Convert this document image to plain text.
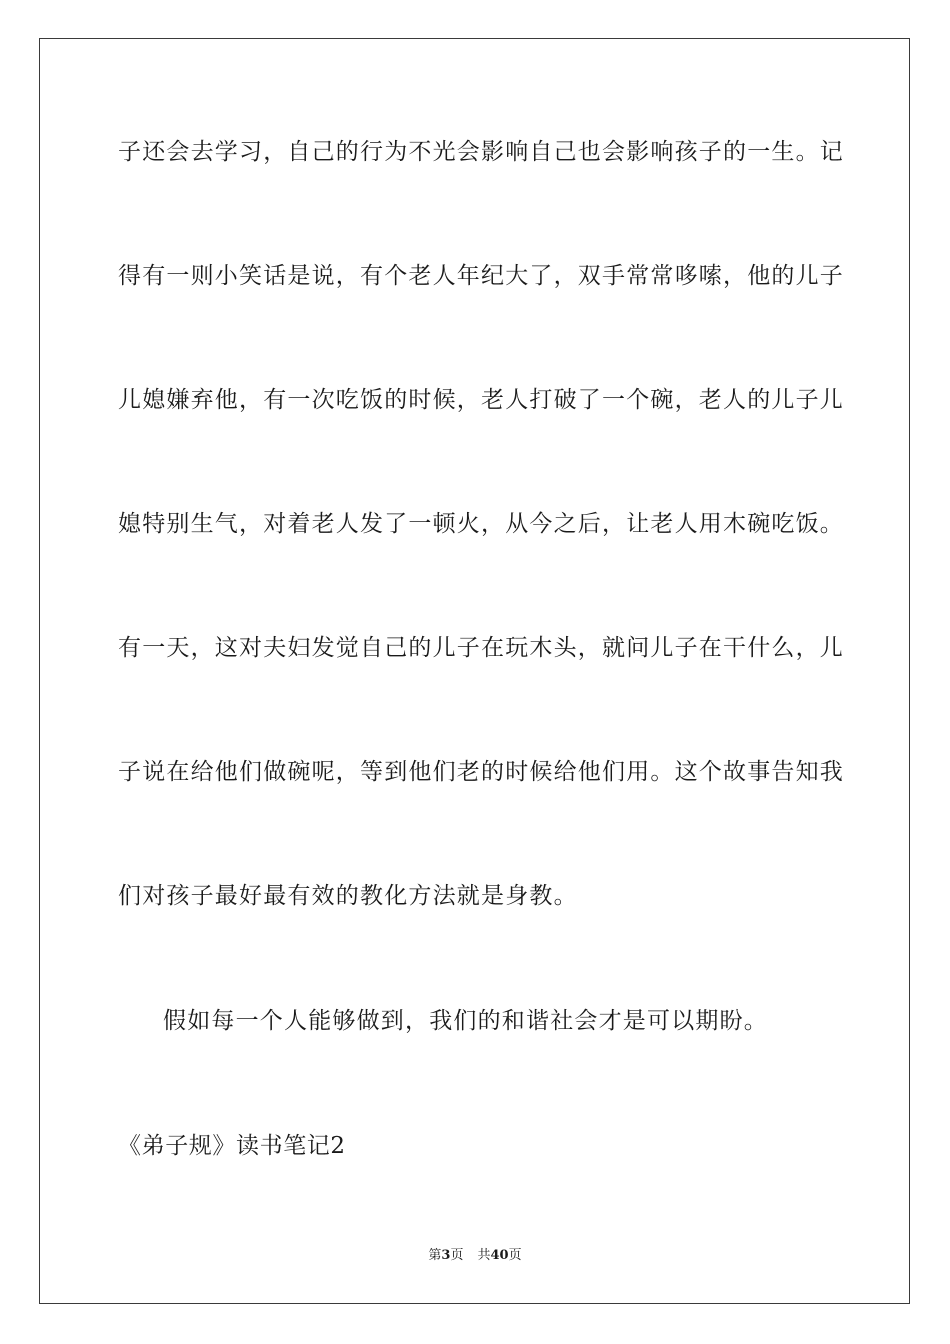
子还会去学习，自己的行为不光会影响自己也会影响孩子的一生。记
得有一则小笑话是说，有个老人年纪大了，双手常常哆嗦，他的儿子
儿媳嫌弃他，有一次吃饭的时候，老人打破了一个碗，老人的儿子儿
媳特别生气，对着老人发了一顿火，从今之后，让老人用木碗吃饭。
有一天，这对夫妇发觉自己的儿子在玩木头，就问儿子在干什么，儿
子说在给他们做碗呢，等到他们老的时候给他们用。这个故事告知我
们对孩子最好最有效的教化方法就是身教。
假如每一个人能够做到，我们的和谐社会才是可以期盼。
《弟子规》读书笔记2
第3页 共40页
